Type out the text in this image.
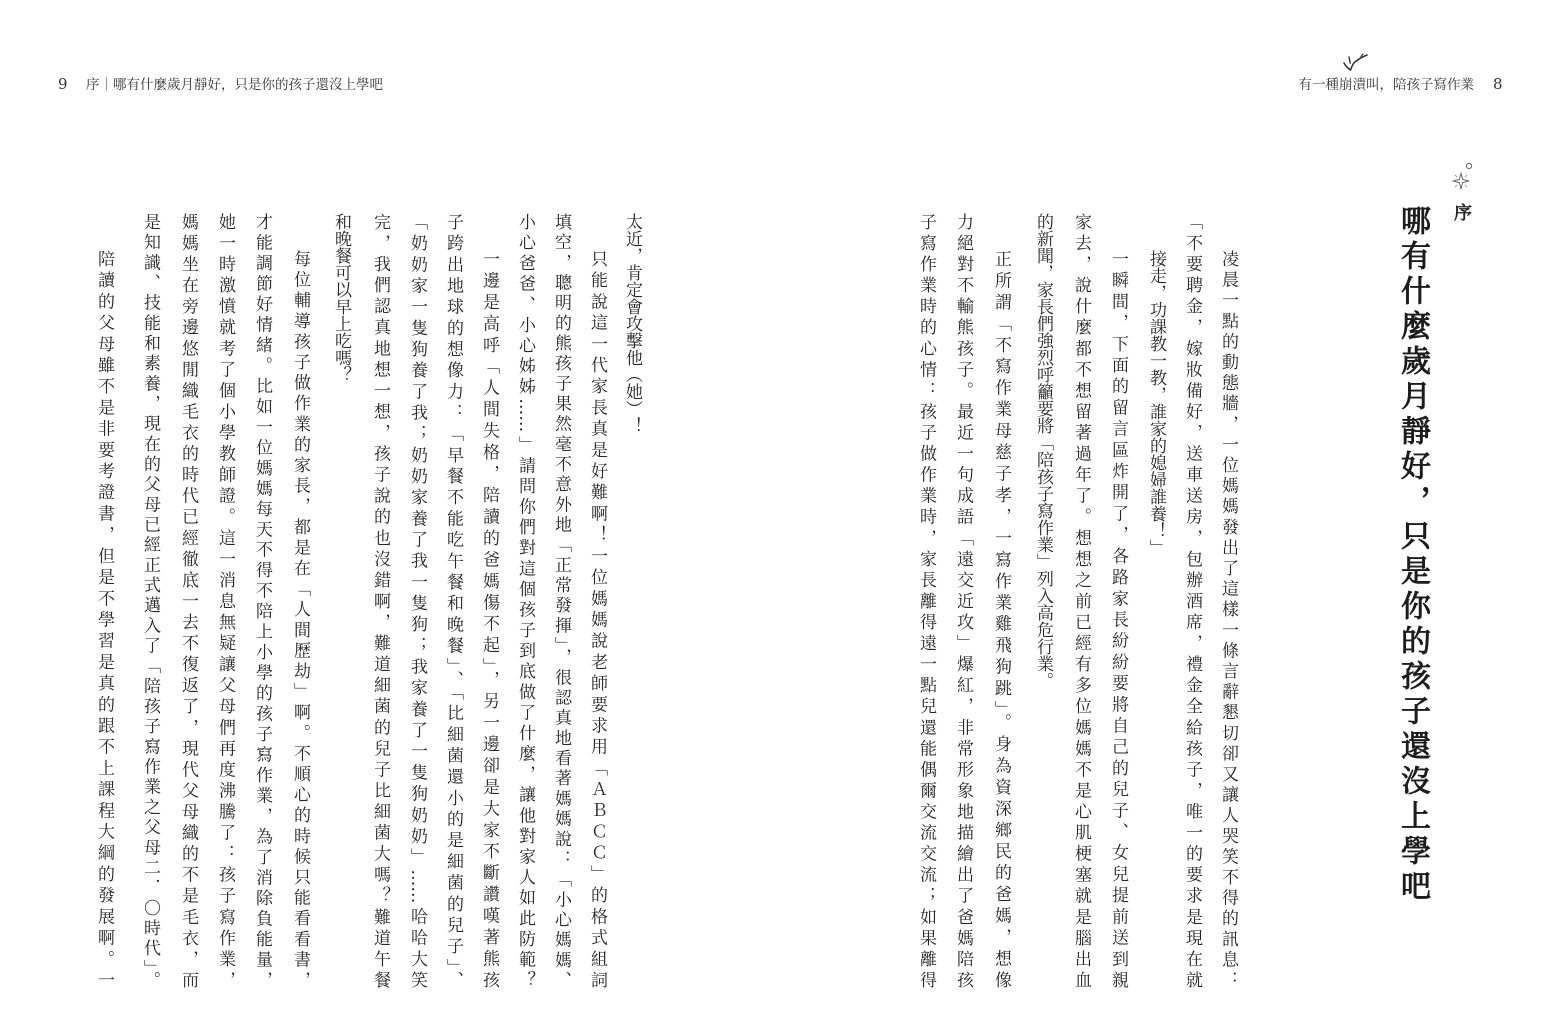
9 序｜哪有什麼歲月靜好，只是你的孩子還沒上學吧
太近，肯定會攻擊他（她）！
只能說這一代家長真是好難啊！一位媽媽說老師要求用「ＡＢＣＣ」的格式組詞
填空，聰明的熊孩子果然毫不意外地「正常發揮」，很認真地看著媽媽說：「小心媽媽、
小心爸爸、小心姊姊……」請問你們對這個孩子到底做了什麼，讓他對家人如此防範？
一邊是高呼「人間失格，陪讀的爸媽傷不起」，另一邊卻是大家不斷讚嘆著熊孩
子跨出地球的想像力：「早餐不能吃午餐和晚餐」、「比細菌還小的是細菌的兒子」、
「奶奶家一隻狗養了我；奶奶家養了我一隻狗；我家養了一隻狗奶奶」……哈哈大笑
完，我們認真地想一想，孩子說的也沒錯啊，難道細菌的兒子比細菌大嗎？難道午餐
和晚餐可以早上吃嗎？
每位輔導孩子做作業的家長，都是在「人間歷劫」啊。不順心的時候只能看看書，
才能調節好情緒。比如一位媽媽每天不得不陪上小學的孩子寫作業，為了消除負能量，
她一時激憤就考了個小學教師證。這一消息無疑讓父母們再度沸騰了：孩子寫作業，
媽媽坐在旁邊悠閒織毛衣的時代已經徹底一去不復返了，現代父母織的不是毛衣，而
是知識、技能和素養，現在的父母已經正式邁入了「陪孩子寫作業之父母二．〇時代」。
陪讀的父母雖不是非要考證書，但是不學習是真的跟不上課程大綱的發展啊。一
有一種崩潰叫，陪孩子寫作業 8
序
哪有什麼歲月靜好，只是你的孩子還沒上學吧
凌晨一點的動態牆，一位媽媽發出了這樣一條言辭懇切卻又讓人哭笑不得的訊息：
「不要聘金，嫁妝備好，送車送房，包辦酒席，禮金全給孩子，唯一的要求是現在就
接走，功課教一教，誰家的媳婦誰養！」
一瞬間，下面的留言區炸開了，各路家長紛紛要將自己的兒子、女兒提前送到親
家去，說什麼都不想留著過年了。想想之前已經有多位媽媽不是心肌梗塞就是腦出血
的新聞，家長們強烈呼籲要將「陪孩子寫作業」列入高危行業。
正所謂「不寫作業母慈子孝，一寫作業雞飛狗跳」。身為資深鄉民的爸媽，想像
力絕對不輸熊孩子。最近一句成語「遠交近攻」爆紅，非常形象地描繪出了爸媽陪孩
子寫作業時的心情：孩子做作業時，家長離得遠一點兒還能偶爾交流交流；如果離得
